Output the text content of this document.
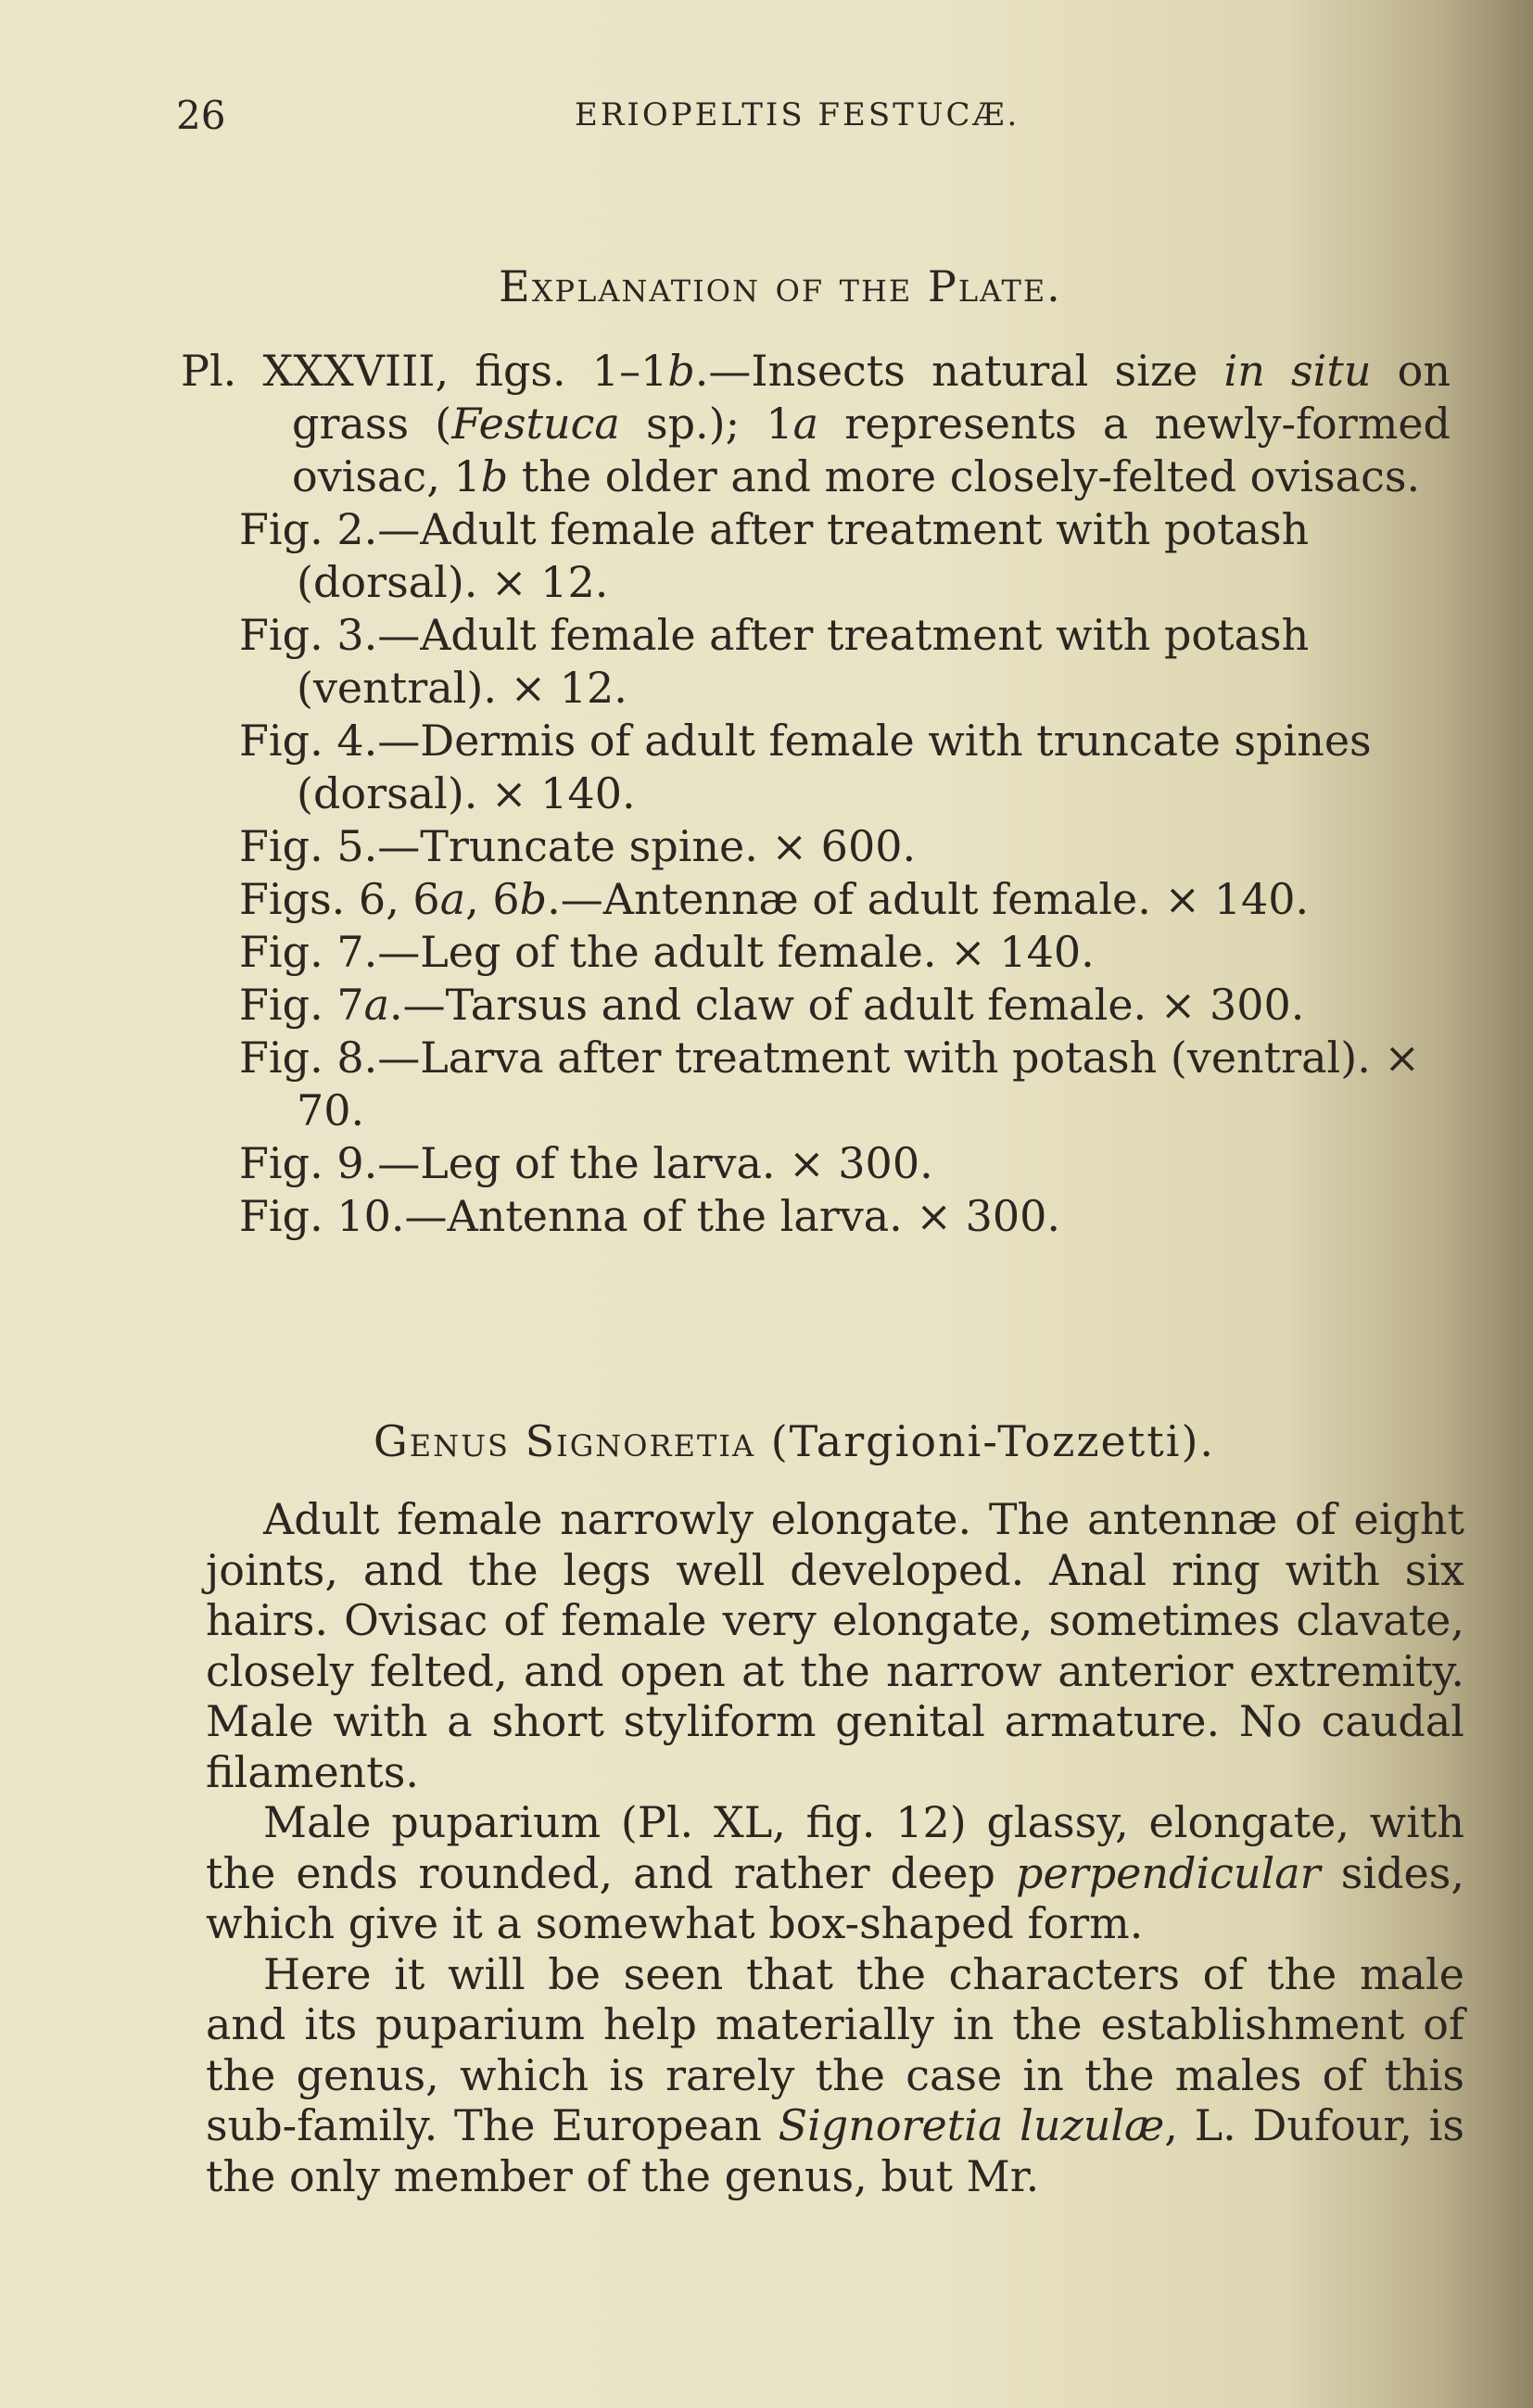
26	ERIOPELTIS FESTUCÆ.
Explanation of the Plate.

Pl. XXXVIII, figs. 1–1b.—Insects natural size in situ on grass (Festuca sp.); 1a represents a newly-formed ovisac, 1b the older and more closely-felted ovisacs.

Fig. 2.—Adult female after treatment with potash (dorsal). × 12.

Fig. 3.—Adult female after treatment with potash (ventral). × 12.

Fig. 4.—Dermis of adult female with truncate spines (dorsal). × 140.

Fig. 5.—Truncate spine. × 600.

Figs. 6, 6a, 6b.—Antennæ of adult female. × 140.

Fig. 7.—Leg of the adult female. × 140.

Fig. 7a.—Tarsus and claw of adult female. × 300.

Fig. 8.—Larva after treatment with potash (ventral). × 70.

Fig. 9.—Leg of the larva. × 300.

Fig. 10.—Antenna of the larva. × 300.

Genus Signoretia (Targioni-Tozzetti).

Adult female narrowly elongate. The antennæ of eight joints, and the legs well developed. Anal ring with six hairs. Ovisac of female very elongate, sometimes clavate, closely felted, and open at the narrow anterior extremity. Male with a short styliform genital armature. No caudal filaments.

Male puparium (Pl. XL, fig. 12) glassy, elongate, with the ends rounded, and rather deep perpendicular sides, which give it a somewhat box-shaped form.

Here it will be seen that the characters of the male and its puparium help materially in the establishment of the genus, which is rarely the case in the males of this sub-family. The European Signoretia luzulæ, L. Dufour, is the only member of the genus, but Mr.
